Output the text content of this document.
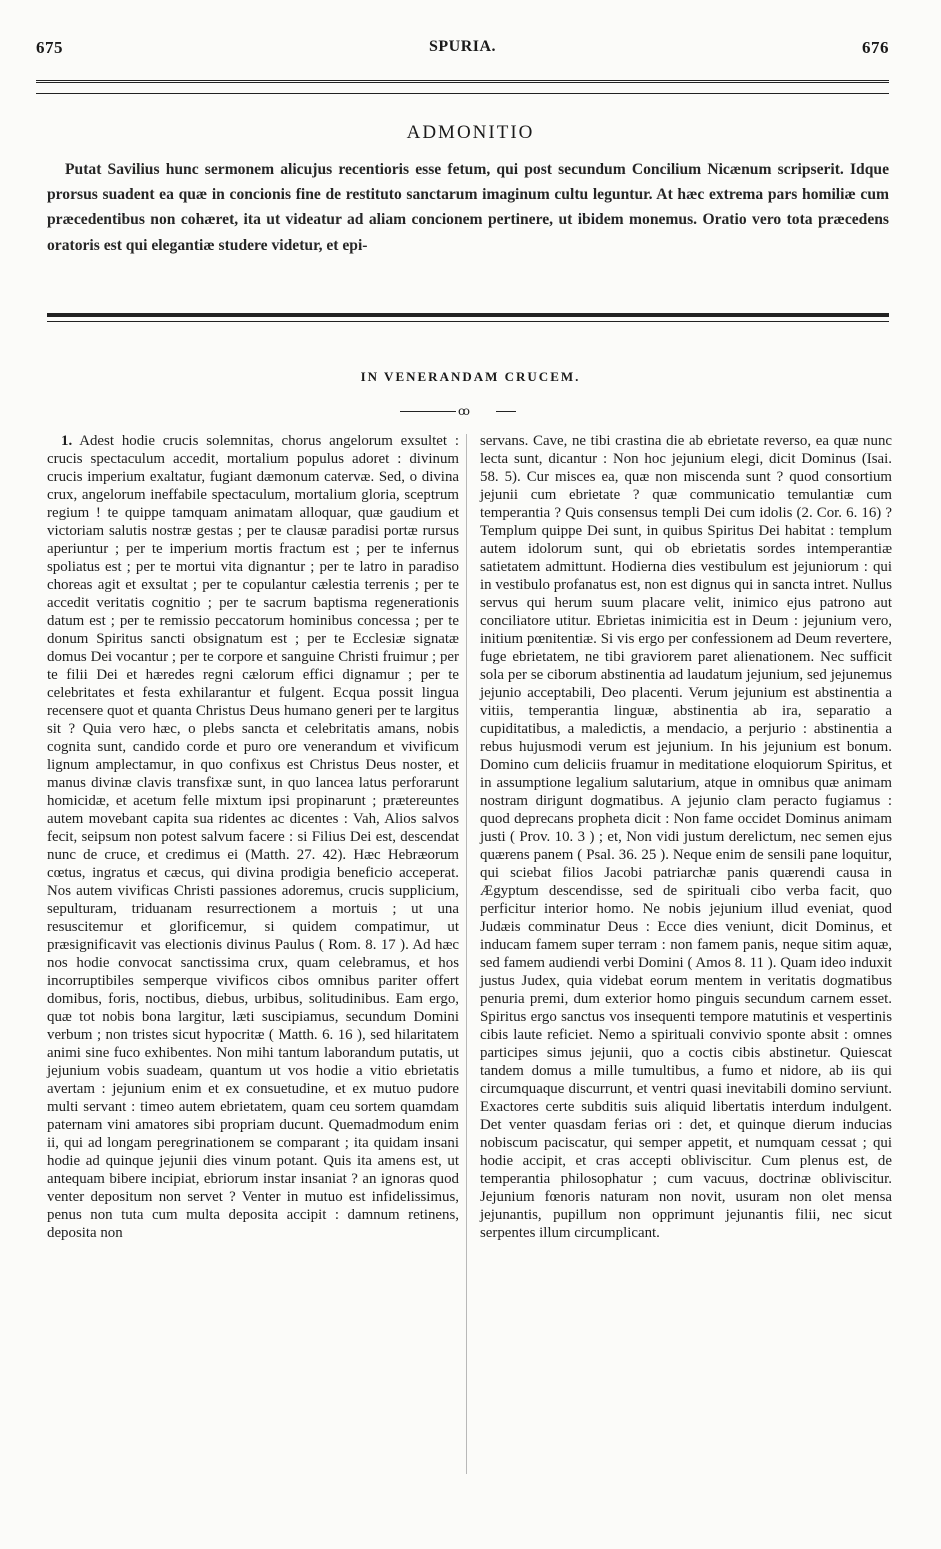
675	SPURIA.	676
ADMONITIO
Putat Savilius hunc sermonem alicujus recentioris esse fetum, qui post secundum Concilium Nicænum scripserit. Idque prorsus suadent ea quæ in concionis fine de restituto sanctarum imaginum cultu leguntur. At hæc extrema pars homiliæ cum præcedentibus non cohæret, ita ut videatur ad aliam concionem pertinere, ut ibidem monemus. Oratio vero tota præcedens oratoris est qui elegantiæ studere videtur, et epi-
IN VENERANDAM CRUCEM.
ꝏ

1. Adest hodie crucis solemnitas, chorus angelorum exsultet : crucis spectaculum accedit, mortalium populus adoret : divinum crucis imperium exaltatur, fugiant dæmonum catervæ. Sed, o divina crux, angelorum ineffabile spectaculum, mortalium gloria, sceptrum regium ! te quippe tamquam animatam alloquar, quæ gaudium et victoriam salutis nostræ gestas ; per te clausæ paradisi portæ rursus aperiuntur ; per te imperium mortis fractum est ; per te infernus spoliatus est ; per te mortui vita dignantur ; per te latro in paradiso choreas agit et exsultat ; per te copulantur cælestia terrenis ; per te accedit veritatis cognitio ; per te sacrum baptisma regenerationis datum est ; per te remissio peccatorum hominibus concessa ; per te donum Spiritus sancti obsignatum est ; per te Ecclesiæ signatæ domus Dei vocantur ; per te corpore et sanguine Christi fruimur ; per te filii Dei et hæredes regni cælorum effici dignamur ; per te celebritates et festa exhilarantur et fulgent. Ecqua possit lingua recensere quot et quanta Christus Deus humano generi per te largitus sit ? Quia vero hæc, o plebs sancta et celebritatis amans, nobis cognita sunt, candido corde et puro ore venerandum et vivificum lignum amplectamur, in quo confixus est Christus Deus noster, et manus divinæ clavis transfixæ sunt, in quo lancea latus perforarunt homicidæ, et acetum felle mixtum ipsi propinarunt ; prætereuntes autem movebant capita sua ridentes ac dicentes : Vah, Alios salvos fecit, seipsum non potest salvum facere : si Filius Dei est, descendat nunc de cruce, et credimus ei (Matth. 27. 42). Hæc Hebræorum cœtus, ingratus et cæcus, qui divina prodigia beneficio acceperat. Nos autem vivificas Christi passiones adoremus, crucis supplicium, sepulturam, triduanam resurrectionem a mortuis ; ut una resuscitemur et glorificemur, si quidem compatimur, ut præsignificavit vas electionis divinus Paulus ( Rom. 8. 17 ). Ad hæc nos hodie convocat sanctissima crux, quam celebramus, et hos incorruptibiles semperque vivificos cibos omnibus pariter offert domibus, foris, noctibus, diebus, urbibus, solitudinibus. Eam ergo, quæ tot nobis bona largitur, læti suscipiamus, secundum Domini verbum ; non tristes sicut hypocritæ ( Matth. 6. 16 ), sed hilaritatem animi sine fuco exhibentes. Non mihi tantum laborandum putatis, ut jejunium vobis suadeam, quantum ut vos hodie a vitio ebrietatis avertam : jejunium enim et ex consuetudine, et ex mutuo pudore multi servant : timeo autem ebrietatem, quam ceu sortem quamdam paternam vini amatores sibi propriam ducunt. Quemadmodum enim ii, qui ad longam peregrinationem se comparant ; ita quidam insani hodie ad quinque jejunii dies vinum potant. Quis ita amens est, ut antequam bibere incipiat, ebriorum instar insaniat ? an ignoras quod venter depositum non servet ? Venter in mutuo est infidelissimus, penus non tuta cum multa deposita accipit : damnum retinens, deposita non

servans. Cave, ne tibi crastina die ab ebrietate reverso, ea quæ nunc lecta sunt, dicantur : Non hoc jejunium elegi, dicit Dominus (Isai. 58. 5). Cur misces ea, quæ non miscenda sunt ? quod consortium jejunii cum ebrietate ? quæ communicatio temulantiæ cum temperantia ? Quis consensus templi Dei cum idolis (2. Cor. 6. 16) ? Templum quippe Dei sunt, in quibus Spiritus Dei habitat : templum autem idolorum sunt, qui ob ebrietatis sordes intemperantiæ satietatem admittunt. Hodierna dies vestibulum est jejuniorum : qui in vestibulo profanatus est, non est dignus qui in sancta intret. Nullus servus qui herum suum placare velit, inimico ejus patrono aut conciliatore utitur. Ebrietas inimicitia est in Deum : jejunium vero, initium pœnitentiæ. Si vis ergo per confessionem ad Deum revertere, fuge ebrietatem, ne tibi graviorem paret alienationem. Nec sufficit sola per se ciborum abstinentia ad laudatum jejunium, sed jejunemus jejunio acceptabili, Deo placenti. Verum jejunium est abstinentia a vitiis, temperantia linguæ, abstinentia ab ira, separatio a cupiditatibus, a maledictis, a mendacio, a perjurio : abstinentia a rebus hujusmodi verum est jejunium. In his jejunium est bonum. Domino cum deliciis fruamur in meditatione eloquiorum Spiritus, et in assumptione legalium salutarium, atque in omnibus quæ animam nostram dirigunt dogmatibus. A jejunio clam peracto fugiamus : quod deprecans propheta dicit : Non fame occidet Dominus animam justi ( Prov. 10. 3 ) ; et, Non vidi justum derelictum, nec semen ejus quærens panem ( Psal. 36. 25 ). Neque enim de sensili pane loquitur, qui sciebat filios Jacobi patriarchæ panis quærendi causa in Ægyptum descendisse, sed de spirituali cibo verba facit, quo perficitur interior homo. Ne nobis jejunium illud eveniat, quod Judæis comminatur Deus : Ecce dies veniunt, dicit Dominus, et inducam famem super terram : non famem panis, neque sitim aquæ, sed famem audiendi verbi Domini ( Amos 8. 11 ). Quam ideo induxit justus Judex, quia videbat eorum mentem in veritatis dogmatibus penuria premi, dum exterior homo pinguis secundum carnem esset. Spiritus ergo sanctus vos insequenti tempore matutinis et vespertinis cibis laute reficiet. Nemo a spirituali convivio sponte absit : omnes participes simus jejunii, quo a coctis cibis abstinetur. Quiescat tandem domus a mille tumultibus, a fumo et nidore, ab iis qui circumquaque discurrunt, et ventri quasi inevitabili domino serviunt. Exactores certe subditis suis aliquid libertatis interdum indulgent. Det venter quasdam ferias ori : det, et quinque dierum inducias nobiscum paciscatur, qui semper appetit, et numquam cessat ; qui hodie accipit, et cras accepti obliviscitur. Cum plenus est, de temperantia philosophatur ; cum vacuus, doctrinæ obliviscitur. Jejunium fœnoris naturam non novit, usuram non olet mensa jejunantis, pupillum non opprimunt jejunantis filii, nec sicut serpentes illum circumplicant.
